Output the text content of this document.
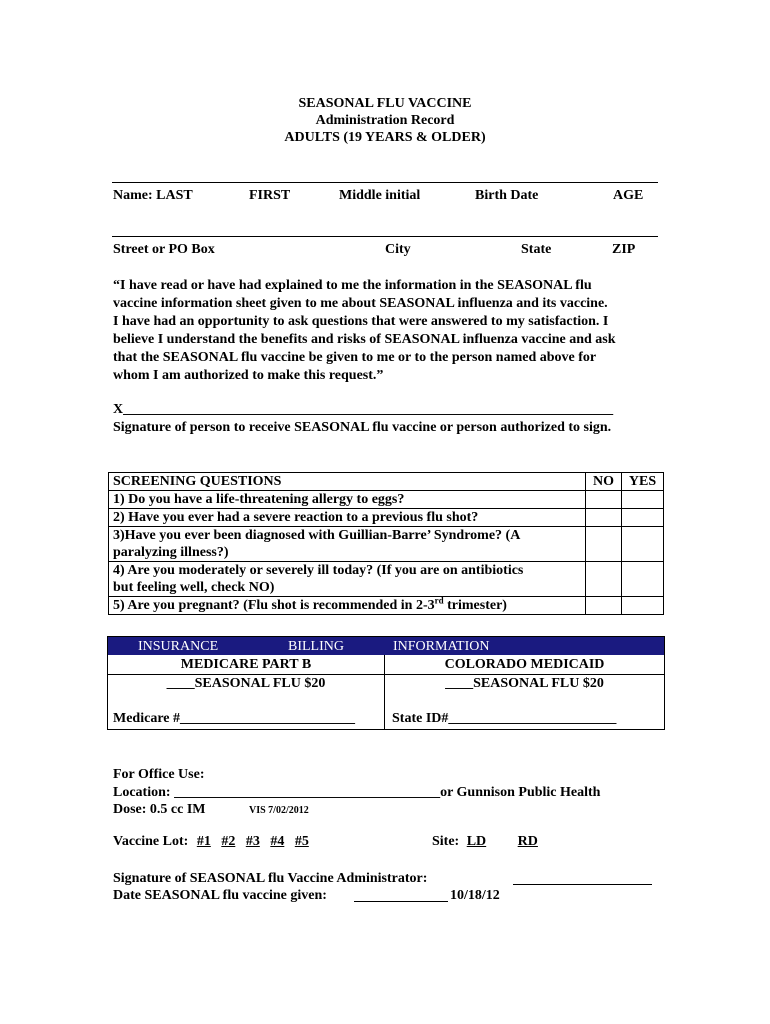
SEASONAL FLU VACCINE
Administration Record
ADULTS (19 YEARS & OLDER)
Name: LAST	FIRST	Middle initial	Birth Date	AGE
Street or PO Box	City	State	ZIP
“I have read or have had explained to me the information in the SEASONAL flu
vaccine information sheet given to me about SEASONAL influenza and its vaccine.
I have had an opportunity to ask questions that were answered to my satisfaction. I
believe I understand the benefits and risks of SEASONAL influenza vaccine and ask
that the SEASONAL flu vaccine be given to me or to the person named above for
whom I am authorized to make this request.”
X______________________________________________________________________
Signature of person to receive SEASONAL flu vaccine or person authorized to sign.
SCREENING QUESTIONS	NO	YES
1) Do you have a life-threatening allergy to eggs?		
2) Have you ever had a severe reaction to a previous flu shot?		

3)Have you ever been diagnosed with Guillian-Barre’ Syndrome? (A
paralyzing illness?)		

4) Are you moderately or severely ill today? (If you are on antibiotics
but feeling well, check NO)		

5) Are you pregnant? (Flu shot is recommended in 2-3rd trimester)		
INSURANCE	BILLING	INFORMATION
MEDICARE PART B	COLORADO MEDICAID
____SEASONAL FLU $20	____SEASONAL FLU $20
Medicare #_________________________	State ID#________________________
For Office Use:
Location: ______________________________________or Gunnison Public Health
Dose: 0.5 cc IM	VIS 7/02/2012
Vaccine Lot: #1 #2 #3 #4 #5	Site: LD RD
Signature of SEASONAL flu Vaccine Administrator:
Date SEASONAL flu vaccine given:	10/18/12
